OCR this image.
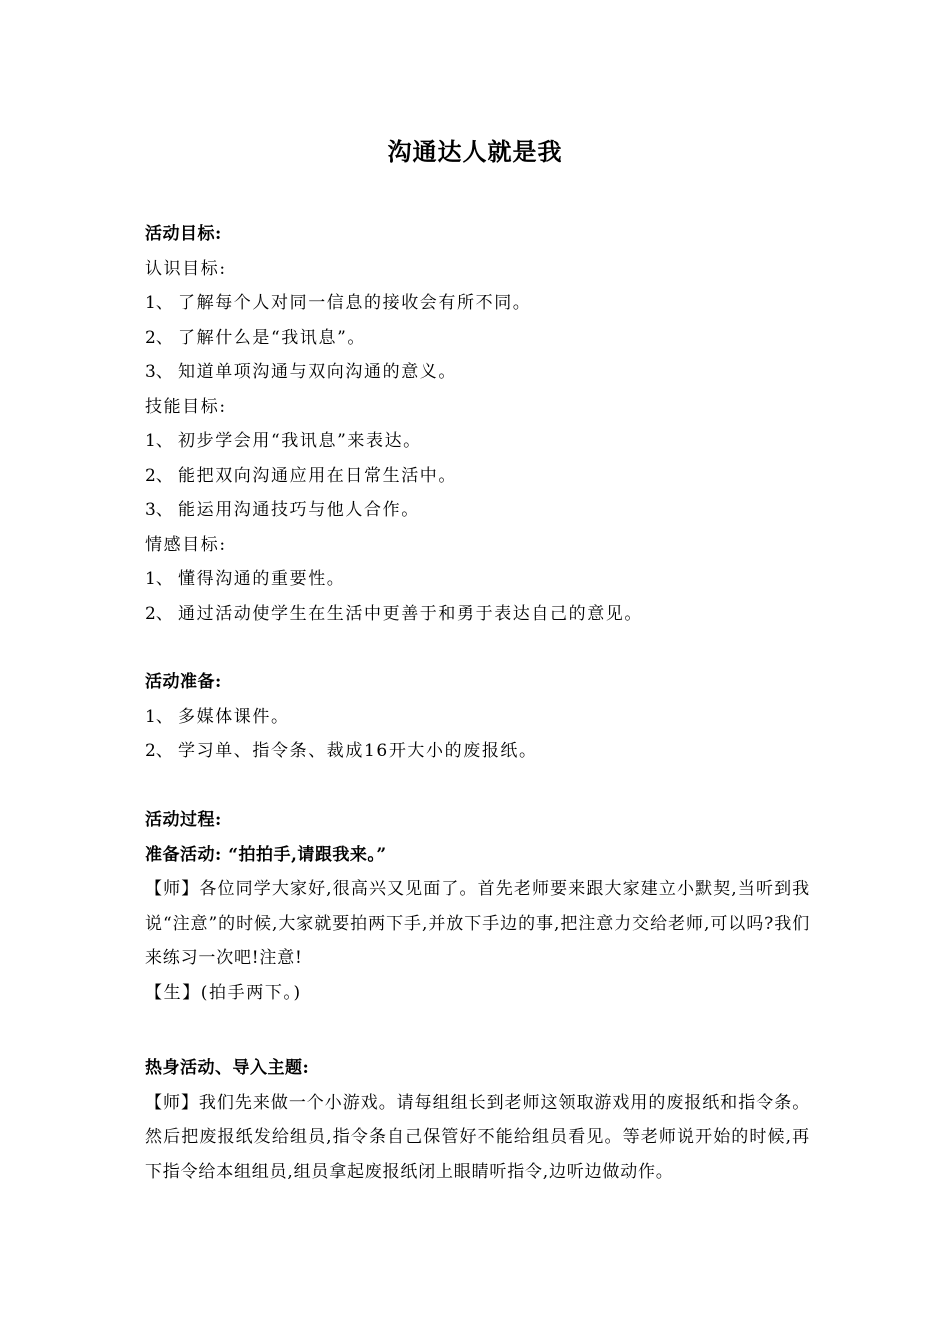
沟通达人就是我
活动目标:
认识目标:
1、 了解每个人对同一信息的接收会有所不同。
2、 了解什么是“我讯息”。
3、 知道单项沟通与双向沟通的意义。
技能目标:
1、 初步学会用“我讯息”来表达。
2、 能把双向沟通应用在日常生活中。
3、 能运用沟通技巧与他人合作。
情感目标:
1、 懂得沟通的重要性。
2、 通过活动使学生在生活中更善于和勇于表达自己的意见。
活动准备:
1、 多媒体课件。
2、 学习单、指令条、裁成16开大小的废报纸。
活动过程:
准备活动: “拍拍手,请跟我来。”
【师】各位同学大家好,很高兴又见面了。首先老师要来跟大家建立小默契,当听到我说“注意”的时候,大家就要拍两下手,并放下手边的事,把注意力交给老师,可以吗?我们来练习一次吧!注意!
【生】(拍手两下。)
热身活动、导入主题:
【师】我们先来做一个小游戏。请每组组长到老师这领取游戏用的废报纸和指令条。然后把废报纸发给组员,指令条自己保管好不能给组员看见。等老师说开始的时候,再下指令给本组组员,组员拿起废报纸闭上眼睛听指令,边听边做动作。
